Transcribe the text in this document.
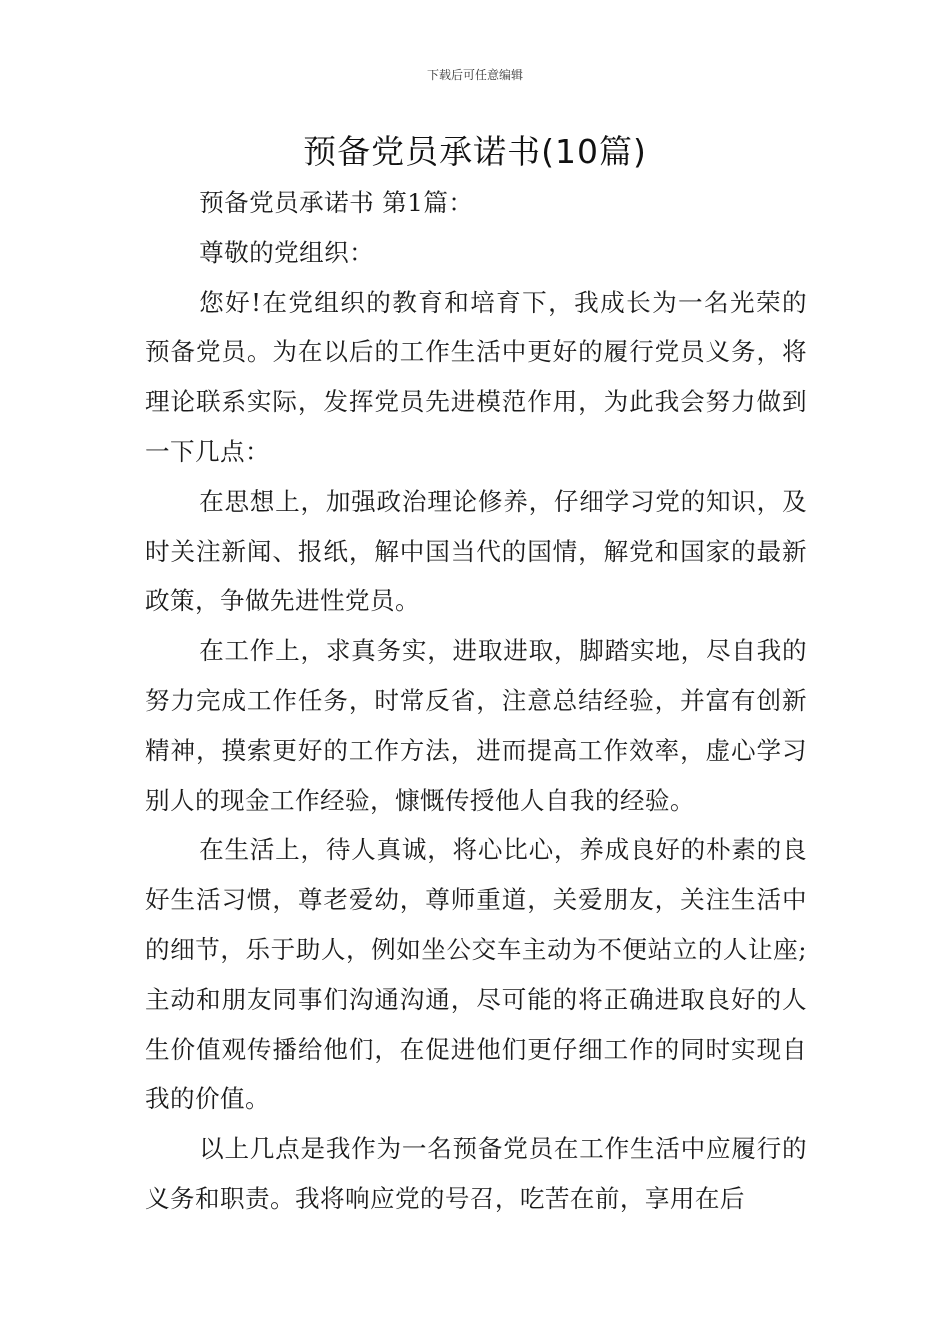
下载后可任意编辑
预备党员承诺书(10篇)

预备党员承诺书 第1篇：

尊敬的党组织：

您好!在党组织的教育和培育下，我成长为一名光荣的预备党员。为在以后的工作生活中更好的履行党员义务，将理论联系实际，发挥党员先进模范作用，为此我会努力做到一下几点：

在思想上，加强政治理论修养，仔细学习党的知识，及时关注新闻、报纸，解中国当代的国情，解党和国家的最新政策，争做先进性党员。

在工作上，求真务实，进取进取，脚踏实地，尽自我的努力完成工作任务，时常反省，注意总结经验，并富有创新精神，摸索更好的工作方法，进而提高工作效率，虚心学习别人的现金工作经验，慷慨传授他人自我的经验。

在生活上，待人真诚，将心比心，养成良好的朴素的良好生活习惯，尊老爱幼，尊师重道，关爱朋友，关注生活中的细节，乐于助人，例如坐公交车主动为不便站立的人让座;主动和朋友同事们沟通沟通，尽可能的将正确进取良好的人生价值观传播给他们，在促进他们更仔细工作的同时实现自我的价值。

以上几点是我作为一名预备党员在工作生活中应履行的义务和职责。我将响应党的号召，吃苦在前，享用在后
